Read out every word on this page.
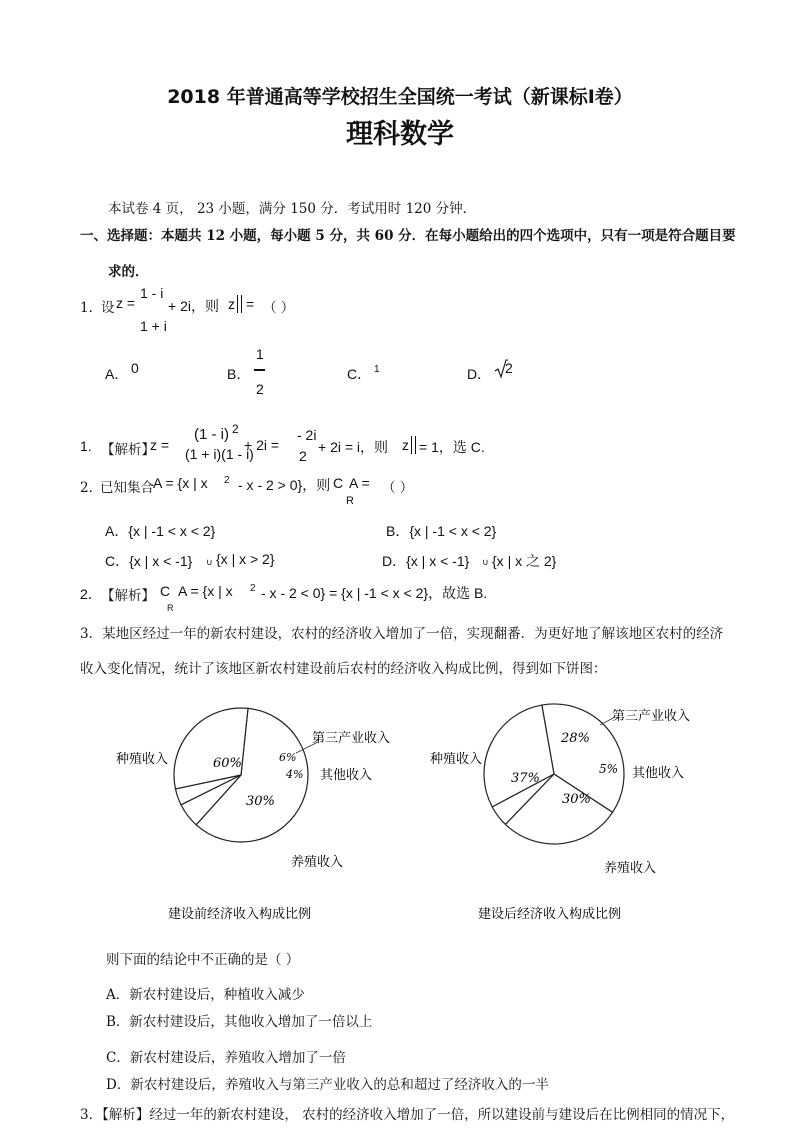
2018 年普通高等学校招生全国统一考试（新课标Ⅰ卷）
理科数学
本试卷 4 页， 23 小题，满分 150 分．考试用时 120 分钟．
一、选择题：本题共 12 小题，每小题 5 分，共 60 分．在每小题给出的四个选项中，只有一项是符合题目要
求的．
1．
设 z =
1 - i
1 + i
+ 2i，则 z = （ ）
A． 0	B．
1
2
C． 1	D． 2
1. 【解析】
z =
(1 - i) 2
(1 + i)(1 - i)
+ 2i =
- 2i
2
+ 2i = i，则 z = 1，选 C.
2．
已知集合 A = {x | x 2 - x - 2 > 0}，则 C
R
A = （ ）
A．{x | -1 < x < 2}	B．{x | -1 < x < 2}
C．{x | x < -1} ∪ {x | x > 2}	D．{x | x < -1} ∪ {x | x 之 2}
2． 【解析】 C
R
A = {x | x 2 - x - 2 < 0} = {x | -1 < x < 2}，故选 B.
3．某地区经过一年的新农村建设，农村的经济收入增加了一倍，实现翻番．为更好地了解该地区农村的经济
收入变化情况，统计了该地区新农村建设前后农村的经济收入构成比例，得到如下饼图：
60%	6%
4%
30%
种殖收入
第三产业收入
其他收入
养殖收入
建设前经济收入构成比例
37%
28%
5%
30%
种殖收入
第三产业收入
其他收入
养殖收入
建设后经济收入构成比例
则下面的结论中不正确的是（ ）
A．新农村建设后，种植收入减少
B．新农村建设后，其他收入增加了一倍以上
C．新农村建设后，养殖收入增加了一倍
D．新农村建设后，养殖收入与第三产业收入的总和超过了经济收入的一半
3．【解析】经过一年的新农村建设， 农村的经济收入增加了一倍，所以建设前与建设后在比例相同的情况下，
